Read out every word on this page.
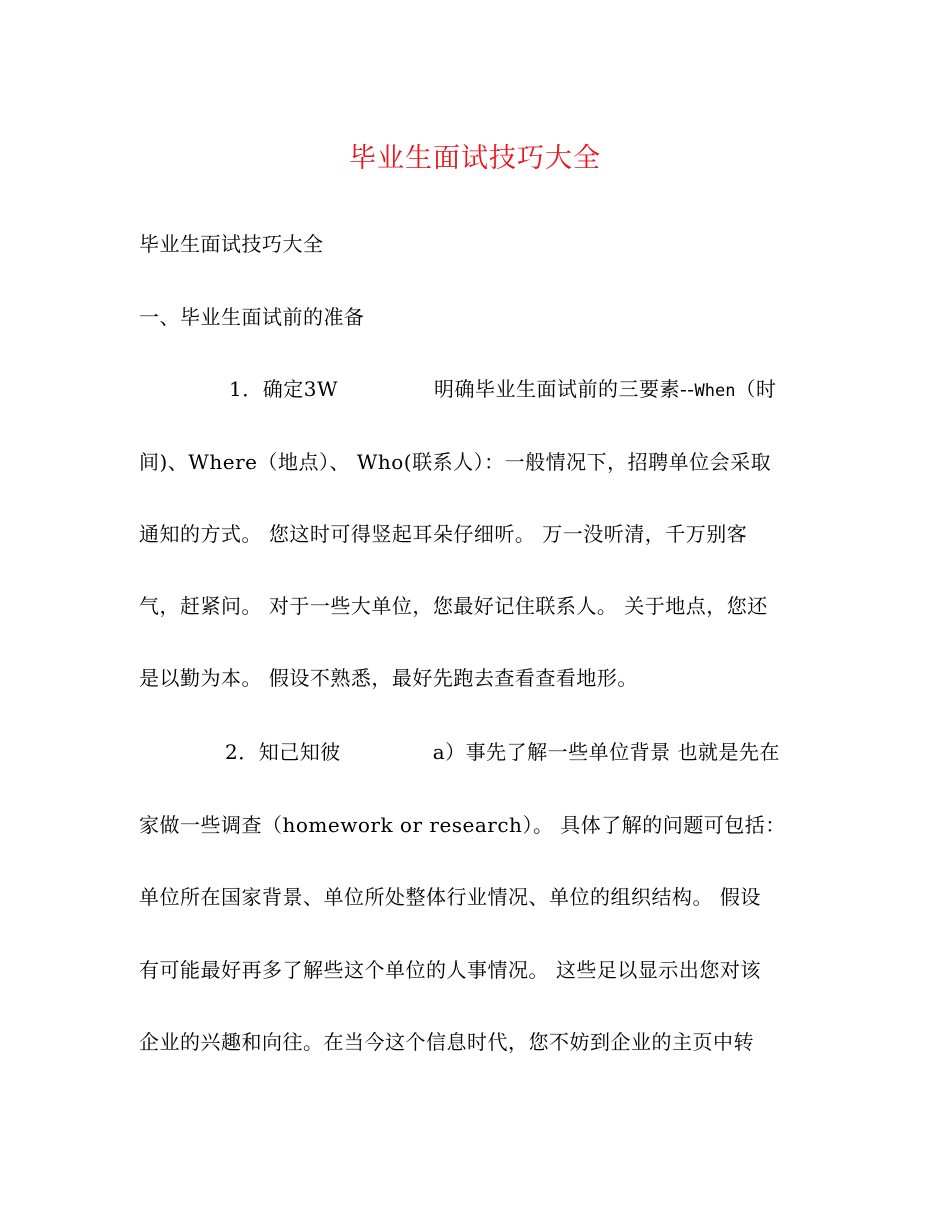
毕业生面试技巧大全
毕业生面试技巧大全
一、毕业生面试前的准备
1．确定3W	明确毕业生面试前的三要素--When（时
间)、Where（地点）、 Who(联系人）：一般情况下，招聘单位会采取
通知的方式。 您这时可得竖起耳朵仔细听。 万一没听清，千万别客
气，赶紧问。 对于一些大单位，您最好记住联系人。 关于地点，您还
是以勤为本。 假设不熟悉，最好先跑去查看查看地形。
2．知己知彼	a）事先了解一些单位背景 也就是先在
家做一些调查（homework or research）。 具体了解的问题可包括：
单位所在国家背景、单位所处整体行业情况、单位的组织结构。 假设
有可能最好再多了解些这个单位的人事情况。 这些足以显示出您对该
企业的兴趣和向往。在当今这个信息时代，您不妨到企业的主页中转
